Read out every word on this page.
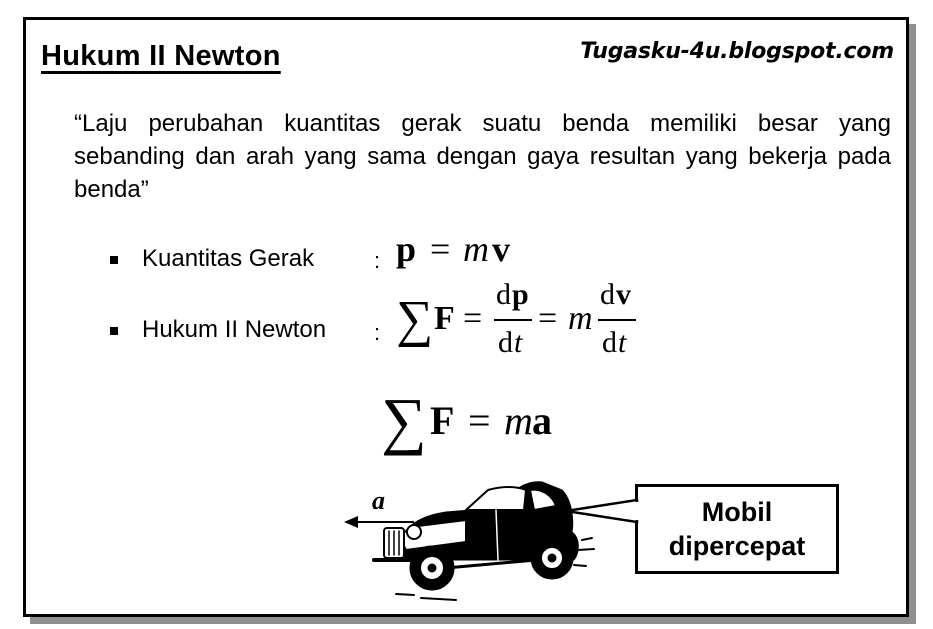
Hukum II Newton	Tugasku-4u.blogspot.com
“Laju perubahan kuantitas gerak suatu benda memiliki besar yang sebanding dan arah yang sama dengan gaya resultan yang bekerja pada benda”
Kuantitas Gerak	: p = m v
Hukum II Newton : ∑ F =
d p
d t
= m
d v
d t
∑ F = m a
a	Mobil
dipercepat
